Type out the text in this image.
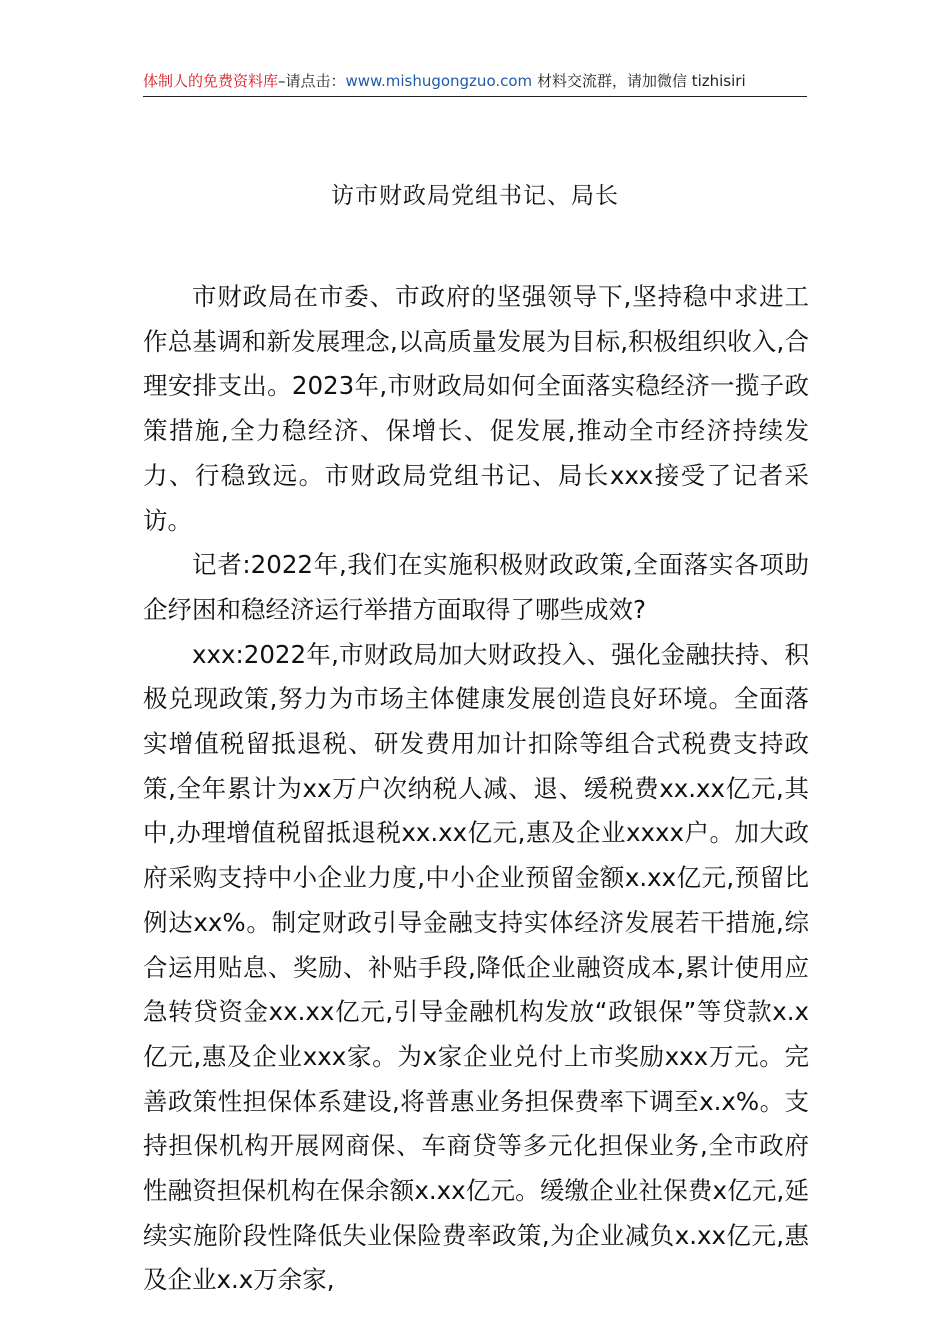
体制人的免费资料库–请点击：www.mishugongzuo.com 材料交流群，请加微信 tizhisiri
访市财政局党组书记、局长

市财政局在市委、市政府的坚强领导下,坚持稳中求进工作总基调和新发展理念,以高质量发展为目标,积极组织收入,合理安排支出。2023年,市财政局如何全面落实稳经济一揽子政策措施,全力稳经济、保增长、促发展,推动全市经济持续发力、行稳致远。市财政局党组书记、局长xxx接受了记者采访。

记者:2022年,我们在实施积极财政政策,全面落实各项助企纾困和稳经济运行举措方面取得了哪些成效?

xxx:2022年,市财政局加大财政投入、强化金融扶持、积极兑现政策,努力为市场主体健康发展创造良好环境。全面落实增值税留抵退税、研发费用加计扣除等组合式税费支持政策,全年累计为xx万户次纳税人减、退、缓税费xx.xx亿元,其中,办理增值税留抵退税xx.xx亿元,惠及企业xxxx户。加大政府采购支持中小企业力度,中小企业预留金额x.xx亿元,预留比例达xx%。制定财政引导金融支持实体经济发展若干措施,综合运用贴息、奖励、补贴手段,降低企业融资成本,累计使用应急转贷资金xx.xx亿元,引导金融机构发放“政银保”等贷款x.x亿元,惠及企业xxx家。为x家企业兑付上市奖励xxx万元。完善政策性担保体系建设,将普惠业务担保费率下调至x.x%。支持担保机构开展网商保、车商贷等多元化担保业务,全市政府性融资担保机构在保余额x.xx亿元。缓缴企业社保费x亿元,延续实施阶段性降低失业保险费率政策,为企业减负x.xx亿元,惠及企业x.x万余家,
